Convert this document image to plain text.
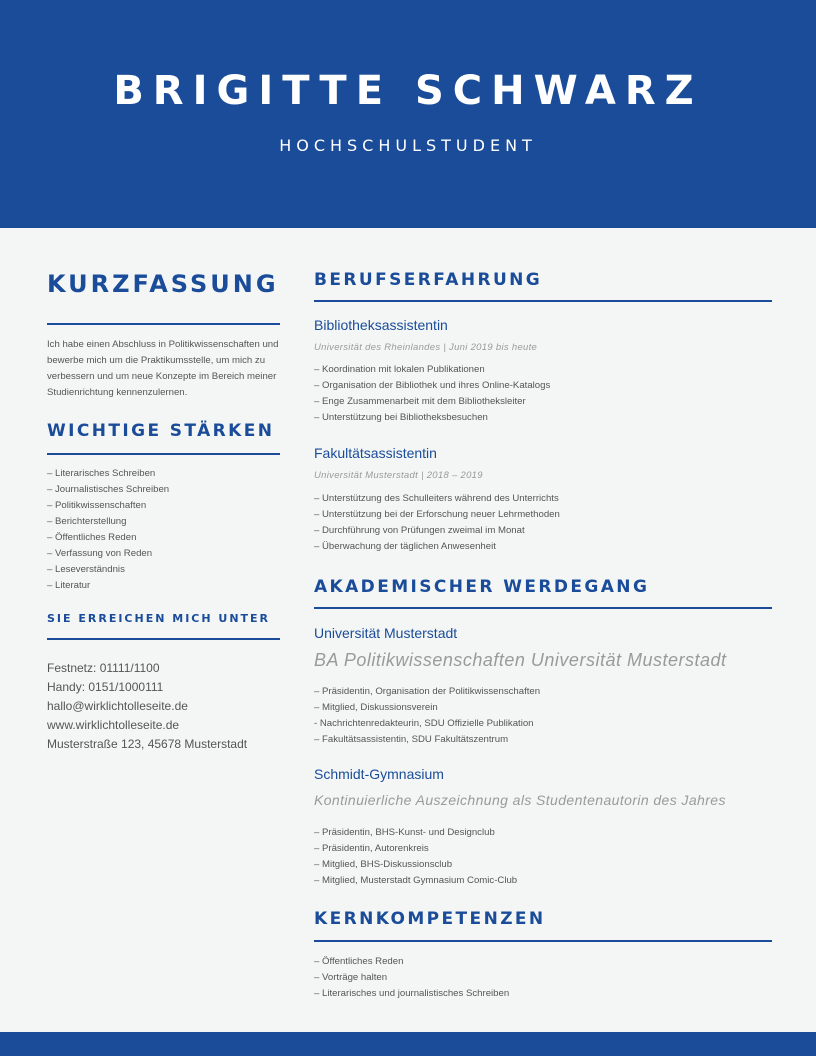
BRIGITTE SCHWARZ
HOCHSCHULSTUDENT
KURZFASSUNG
Ich habe einen Abschluss in Politikwissenschaften und bewerbe mich um die Praktikumsstelle, um mich zu verbessern und um neue Konzepte im Bereich meiner Studienrichtung kennenzulernen.
WICHTIGE STÄRKEN
– Literarisches Schreiben
– Journalistisches Schreiben
– Politikwissenschaften
– Berichterstellung
– Öffentliches Reden
– Verfassung von Reden
– Leseverständnis
– Literatur
SIE ERREICHEN MICH UNTER
Festnetz: 01111/1100
Handy: 0151/1000111
hallo@wirklichtolleseite.de
www.wirklichtolleseite.de
Musterstraße 123, 45678 Musterstadt
BERUFSERFAHRUNG
Bibliotheksassistentin
Universität des Rheinlandes | Juni 2019 bis heute
– Koordination mit lokalen Publikationen
– Organisation der Bibliothek und ihres Online-Katalogs
– Enge Zusammenarbeit mit dem Bibliotheksleiter
– Unterstützung bei Bibliotheksbesuchen
Fakultätsassistentin
Universität Musterstadt | 2018 – 2019
– Unterstützung des Schulleiters während des Unterrichts
– Unterstützung bei der Erforschung neuer Lehrmethoden
– Durchführung von Prüfungen zweimal im Monat
– Überwachung der täglichen Anwesenheit
AKADEMISCHER WERDEGANG
Universität Musterstadt
BA Politikwissenschaften Universität Musterstadt
– Präsidentin, Organisation der Politikwissenschaften
– Mitglied, Diskussionsverein
- Nachrichtenredakteurin, SDU Offizielle Publikation
– Fakultätsassistentin, SDU Fakultätszentrum
Schmidt-Gymnasium
Kontinuierliche Auszeichnung als Studentenautorin des Jahres
– Präsidentin, BHS-Kunst- und Designclub
– Präsidentin, Autorenkreis
– Mitglied, BHS-Diskussionsclub
– Mitglied, Musterstadt Gymnasium Comic-Club
KERNKOMPETENZEN
– Öffentliches Reden
– Vorträge halten
– Literarisches und journalistisches Schreiben
